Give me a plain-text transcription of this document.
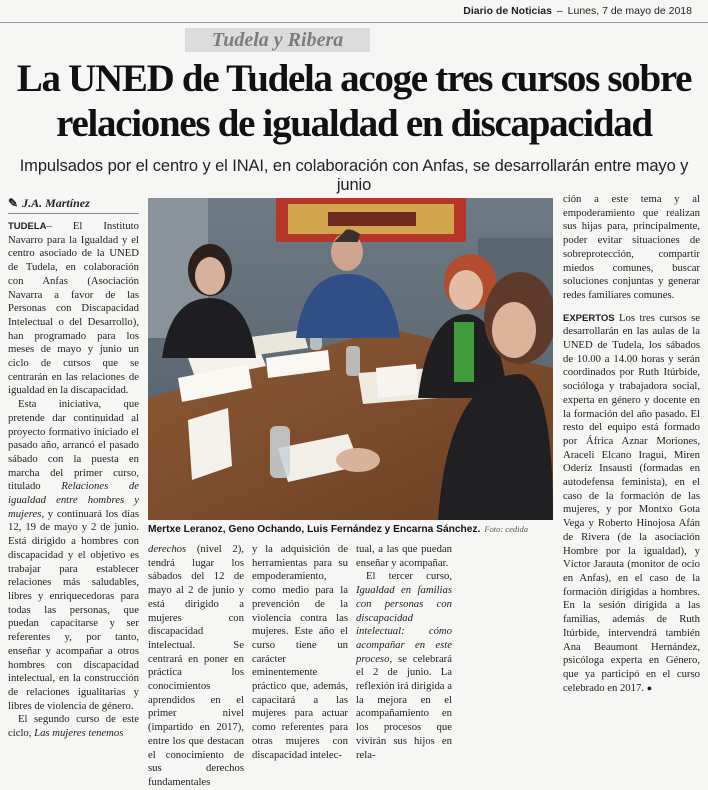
Diario de Noticias – Lunes, 7 de mayo de 2018
Tudela y Ribera
La UNED de Tudela acoge tres cursos sobre
relaciones de igualdad en discapacidad
Impulsados por el centro y el INAI, en colaboración con Anfas, se desarrollarán entre mayo y junio
✎ J.A. Martínez

TUDELA– El Instituto Navarro para la Igualdad y el centro asociado de la UNED de Tudela, en colaboración con Anfas (Asociación Navarra a favor de las Personas con Discapacidad Intelectual o del Desarrollo), han programado para los meses de mayo y junio un ciclo de cursos que se centrarán en las relaciones de igualdad en la discapacidad.

Esta iniciativa, que pretende dar continuidad al proyecto formativo iniciado el pasado año, arrancó el pasado sábado con la puesta en marcha del primer curso, titulado Relaciones de igualdad entre hombres y mujeres, y continuará los días 12, 19 de mayo y 2 de junio. Está dirigido a hombres con discapacidad y el objetivo es trabajar para establecer relaciones más saludables, libres y enriquecedoras para todas las personas, que puedan capacitarse y ser referentes y, por tanto, enseñar y acompañar a otros hombres con discapacidad intelectual, en la construcción de relaciones igualitarias y libres de violencia de género.

El segundo curso de este ciclo, Las mujeres tenemos

Mertxe Leranoz, Geno Ochando, Luis Fernández y Encarna Sánchez. Foto: cedida

derechos (nivel 2), tendrá lugar los sábados del 12 de mayo al 2 de junio y está dirigido a mujeres con discapacidad intelectual. Se centrará en poner en práctica los conocimientos aprendidos en el primer nivel (impartido en 2017), entre los que destacan el conocimiento de sus derechos fundamentales

y la adquisición de herramientas para su empoderamiento, como medio para la prevención de la violencia contra las mujeres. Este año el curso tiene un carácter eminentemente práctico que, además, capacitará a las mujeres para actuar como referentes para otras mujeres con discapacidad intelec-

tual, a las que puedan enseñar y acompañar.

El tercer curso, Igualdad en familias con personas con discapacidad intelectual: cómo acompañar en este proceso, se celebrará el 2 de junio. La reflexión irá dirigida a la mejora en el acompañamiento en los procesos que vivirán sus hijos en rela-

ción a este tema y al empoderamiento que realizan sus hijas para, principalmente, poder evitar situaciones de sobreprotección, compartir miedos comunes, buscar soluciones conjuntas y generar redes familiares comunes.

EXPERTOS Los tres cursos se desarrollarán en las aulas de la UNED de Tudela, los sábados de 10.00 a 14.00 horas y serán coordinados por Ruth Itúrbide, socióloga y trabajadora social, experta en género y docente en la formación del año pasado. El resto del equipo está formado por África Aznar Moriones, Araceli Elcano Iragui, Miren Oderiz Insausti (formadas en autodefensa feminista), en el caso de la formación de las mujeres, y por Montxo Gota Vega y Roberto Hinojosa Afán de Rivera (de la asociación Hombre por la igualdad), y Víctor Jarauta (monitor de ocio en Anfas), en el caso de la formación dirigidas a hombres. En la sesión dirigida a las familias, además de Ruth Itúrbide, intervendrá también Ana Beaumont Hernández, psicóloga experta en Género, que ya participó en el curso celebrado en 2017. ●
